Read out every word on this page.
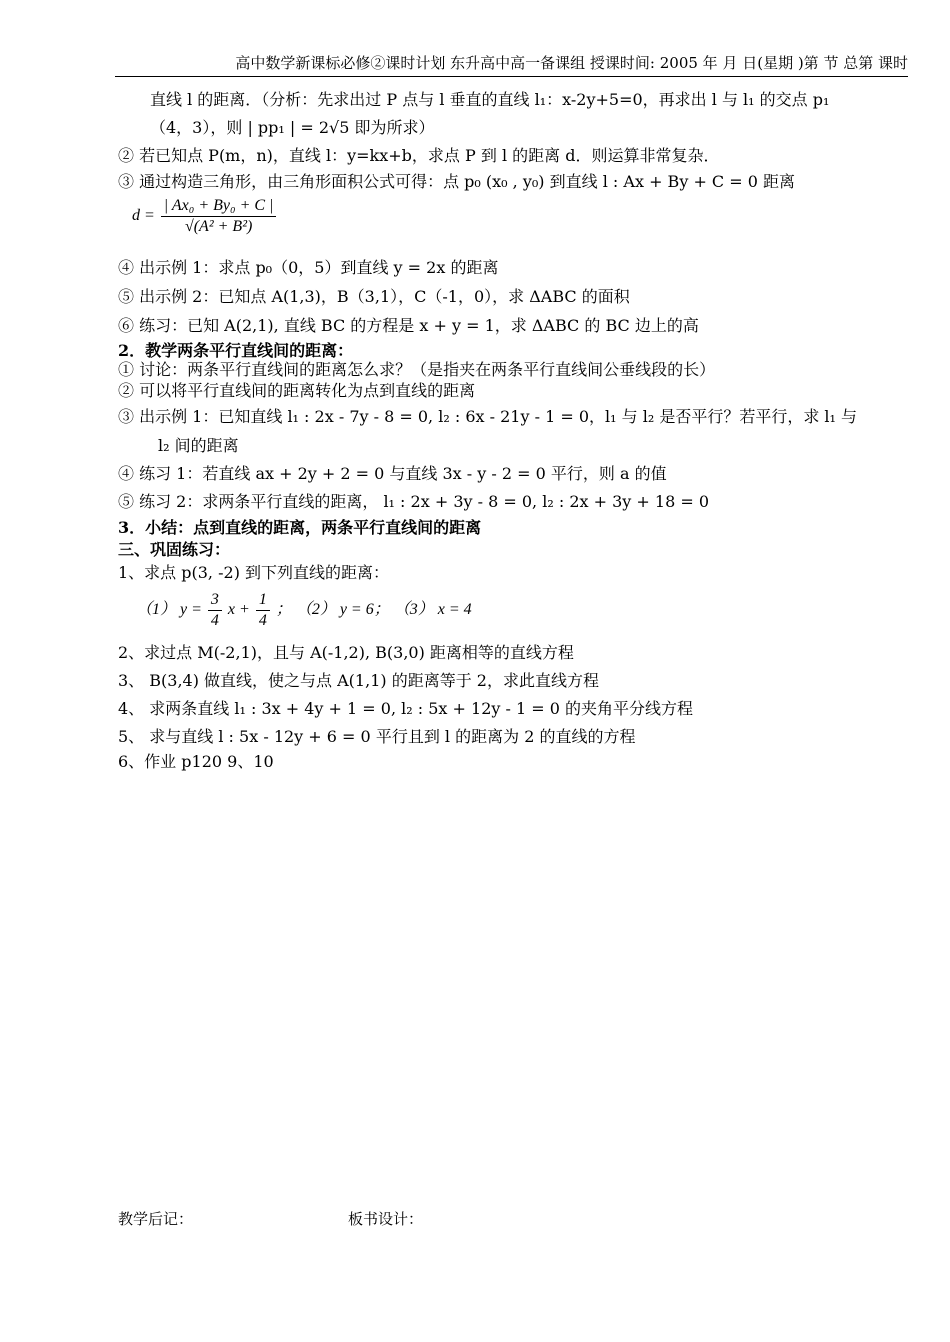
高中数学新课标必修②课时计划 东升高中高一备课组 授课时间: 2005 年 月 日(星期 )第 节 总第 课时
直线 l 的距离．（分析：先求出过 P 点与 l 垂直的直线 l₁：x-2y+5=0，再求出 l 与 l₁ 的交点 p₁
（4，3），则 | pp₁ | = 2√5 即为所求）
② 若已知点 P(m，n)，直线 l：y=kx+b，求点 P 到 l 的距离 d．则运算非常复杂．
③ 通过构造三角形，由三角形面积公式可得：点 p₀ (x₀ , y₀) 到直线 l : Ax + By + C = 0 距离
$d = \frac{\text{| Ax₀ + By₀ + C |}}{\text{√(A² + B²)}}$
④ 出示例 1：求点 p₀（0，5）到直线 y = 2x 的距离
⑤ 出示例 2：已知点 A(1,3)，B（3,1），C（-1，0），求 ΔABC 的面积
⑥ 练习：已知 A(2,1), 直线 BC 的方程是 x + y = 1，求 ΔABC 的 BC 边上的高
2．教学两条平行直线间的距离：
① 讨论：两条平行直线间的距离怎么求？（是指夹在两条平行直线间公垂线段的长）
② 可以将平行直线间的距离转化为点到直线的距离
③ 出示例 1：已知直线 l₁ : 2x - 7y - 8 = 0, l₂ : 6x - 21y - 1 = 0，l₁ 与 l₂ 是否平行？若平行，求 l₁ 与
l₂ 间的距离
④ 练习 1：若直线 ax + 2y + 2 = 0 与直线 3x - y - 2 = 0 平行，则 a 的值
⑤ 练习 2：求两条平行直线的距离， l₁ : 2x + 3y - 8 = 0, l₂ : 2x + 3y + 18 = 0
3．小结：点到直线的距离，两条平行直线间的距离
三、巩固练习：
1、求点 p(3, -2) 到下列直线的距离：
（1） $y = \frac{3}{4}$ $x + \frac{1}{4}$ ； （2） y = 6； （3） x = 4
2、求过点 M(-2,1)，且与 A(-1,2), B(3,0) 距离相等的直线方程
3、 B(3,4) 做直线，使之与点 A(1,1) 的距离等于 2，求此直线方程
4、 求两条直线 l₁ : 3x + 4y + 1 = 0, l₂ : 5x + 12y - 1 = 0 的夹角平分线方程
5、 求与直线 l : 5x - 12y + 6 = 0 平行且到 l 的距离为 2 的直线的方程
6、作业 p120 9、10
教学后记：	板书设计：
